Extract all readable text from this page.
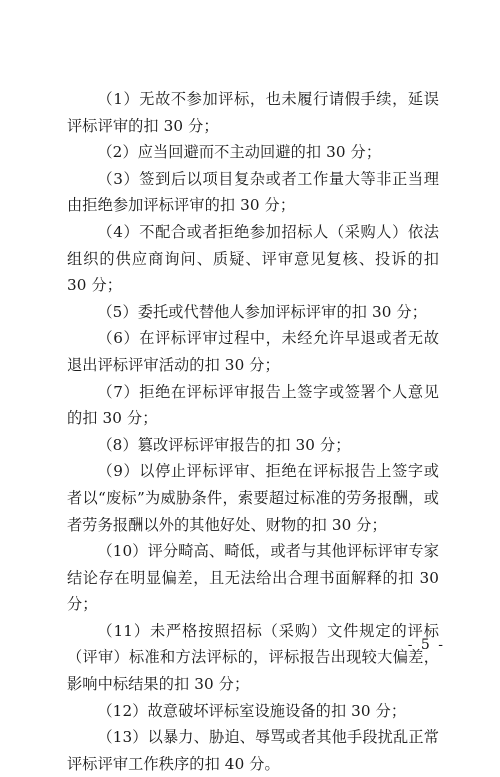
（1）无故不参加评标，也未履行请假手续，延误评标评审的扣 30 分；

（2）应当回避而不主动回避的扣 30 分；

（3）签到后以项目复杂或者工作量大等非正当理由拒绝参加评标评审的扣 30 分；

（4）不配合或者拒绝参加招标人（采购人）依法组织的供应商询问、质疑、评审意见复核、投诉的扣 30 分；

（5）委托或代替他人参加评标评审的扣 30 分；

（6）在评标评审过程中，未经允许早退或者无故退出评标评审活动的扣 30 分；

（7）拒绝在评标评审报告上签字或签署个人意见的扣 30 分；

（8）篡改评标评审报告的扣 30 分；

（9）以停止评标评审、拒绝在评标报告上签字或者以“废标”为威胁条件，索要超过标准的劳务报酬，或者劳务报酬以外的其他好处、财物的扣 30 分；

（10）评分畸高、畸低，或者与其他评标评审专家结论存在明显偏差，且无法给出合理书面解释的扣 30 分；

（11）未严格按照招标（采购）文件规定的评标（评审）标准和方法评标的，评标报告出现较大偏差，影响中标结果的扣 30 分；

（12）故意破坏评标室设施设备的扣 30 分；

（13）以暴力、胁迫、辱骂或者其他手段扰乱正常评标评审工作秩序的扣 40 分。

- 5 -
